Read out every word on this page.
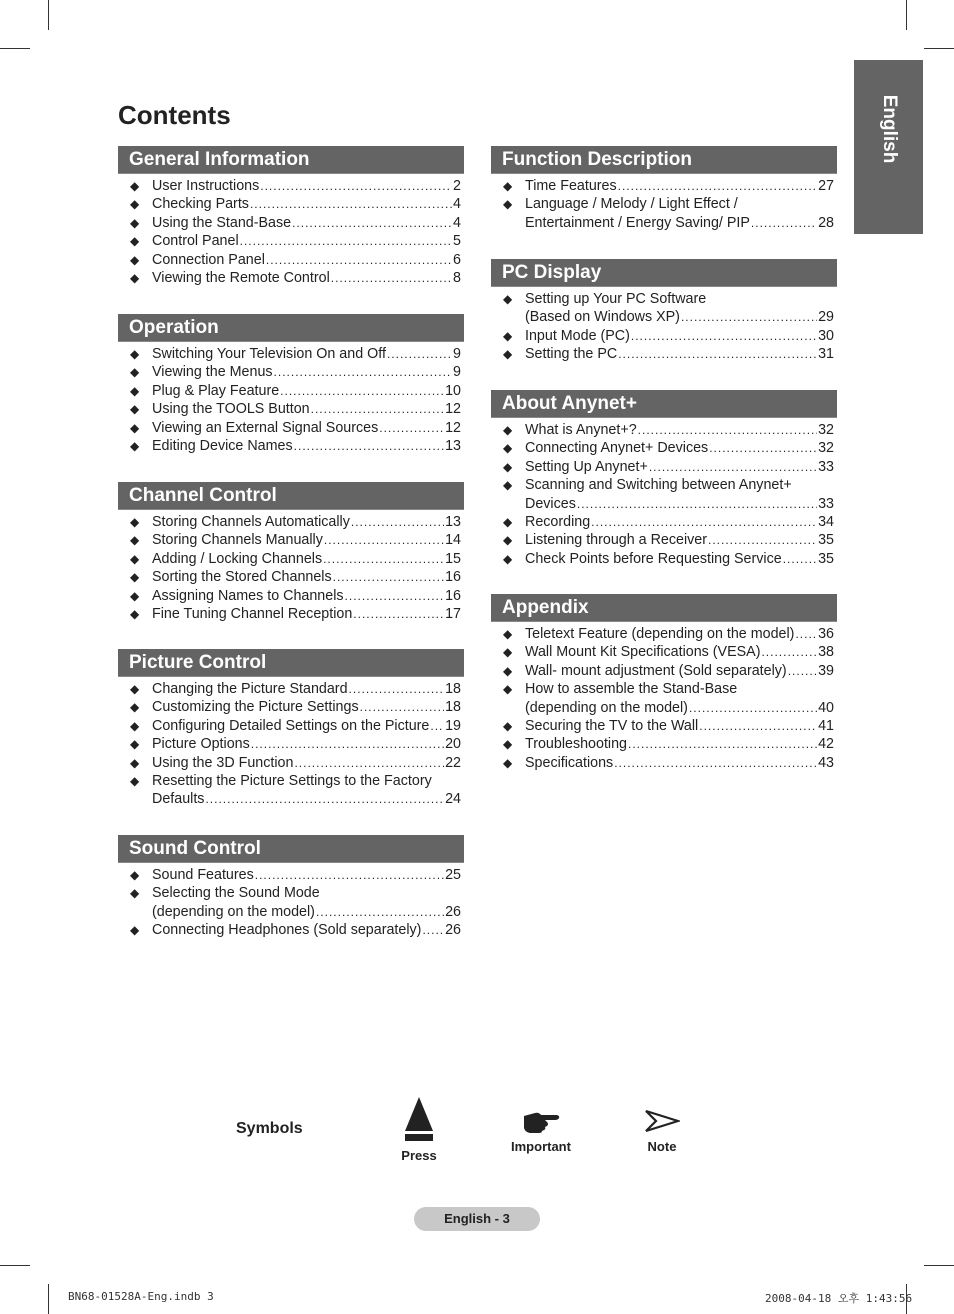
English
Contents
General Information
◆ User Instructions .....	2
◆ Checking Parts .....	4
◆ Using the Stand-Base .....	4
◆ Control Panel .....	5
◆ Connection Panel .....	6
◆ Viewing the Remote Control .....	8
Operation
◆ Switching Your Television On and Off .....	9
◆ Viewing the Menus .....	9
◆ Plug & Play Feature .....	10
◆ Using the TOOLS Button .....	12
◆ Viewing an External Signal Sources .....	12
◆ Editing Device Names .....	13
Channel Control
◆ Storing Channels Automatically .....	13
◆ Storing Channels Manually .....	14
◆ Adding / Locking Channels .....	15
◆ Sorting the Stored Channels .....	16
◆ Assigning Names to Channels .....	16
◆ Fine Tuning Channel Reception .....	17
Picture Control
◆ Changing the Picture Standard .....	18
◆ Customizing the Picture Settings .....	18
◆ Configuring Detailed Settings on the Picture ..... 19
◆ Picture Options .....	20
◆ Using the 3D Function .....	22
◆ Resetting the Picture Settings to the Factory
Defaults .....	24
Sound Control
◆ Sound Features .....	25
◆ Selecting the Sound Mode
(depending on the model) .....	26
◆ Connecting Headphones (Sold separately) ..... 26
Function Description
◆ Time Features .....	27
◆ Language / Melody / Light Effect /
Entertainment / Energy Saving/ PIP .....	28
PC Display
◆ Setting up Your PC Software
(Based on Windows XP) .....	29
◆ Input Mode (PC) .....	30
◆ Setting the PC .....	31
About Anynet+
◆ What is Anynet+? .....	32
◆ Connecting Anynet+ Devices .....	32
◆ Setting Up Anynet+ .....	33
◆ Scanning and Switching between Anynet+
Devices .....	33
◆ Recording .....	34
◆ Listening through a Receiver .....	35
◆ Check Points before Requesting Service .....	35
Appendix
◆ Teletext Feature (depending on the model) ..... 36
◆ Wall Mount Kit Specifications (VESA) .....	38
◆ Wall- mount adjustment (Sold separately) ..... 39
◆ How to assemble the Stand-Base
(depending on the model) .....	40
◆ Securing the TV to the Wall .....	41
◆ Troubleshooting .....	42
◆ Specifications .....	43
Symbols
Press
Important	Note
English - 3
BN68-01528A-Eng.indb 3	2008-04-18 오후 1:43:56
